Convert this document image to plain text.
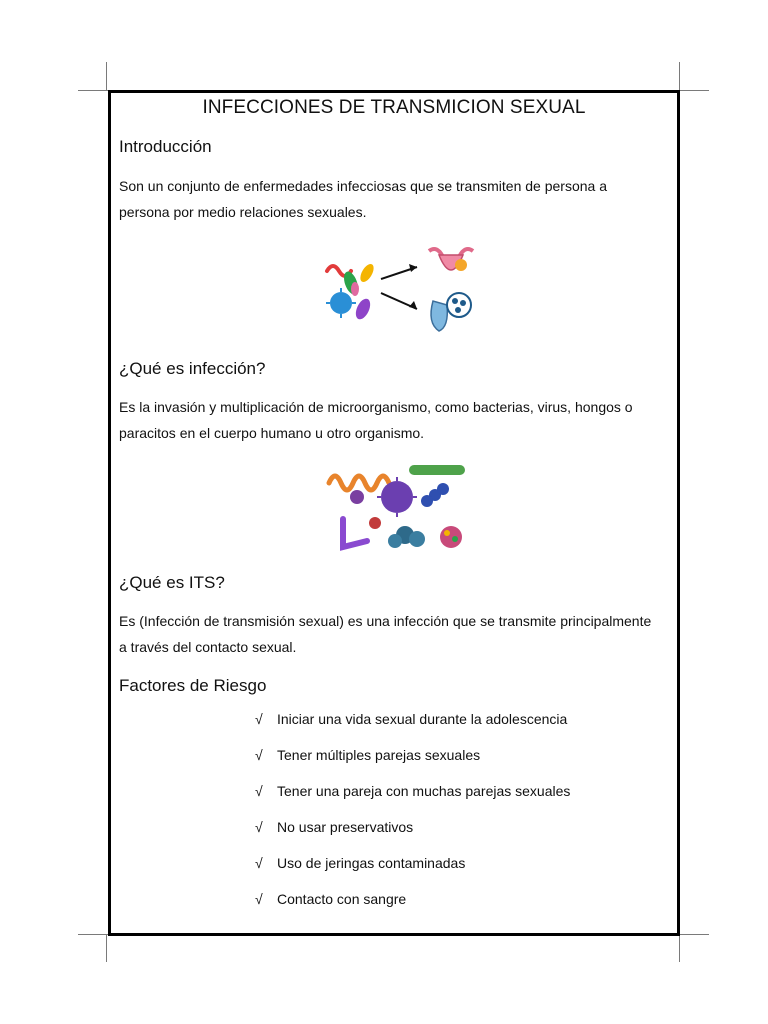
INFECCIONES DE TRANSMICION SEXUAL
Introducción
Son un conjunto de enfermedades infecciosas que se transmiten de persona a persona por medio relaciones sexuales.
¿Qué es infección?
Es la invasión y multiplicación de microorganismo, como bacterias, virus, hongos o paracitos en el cuerpo humano u otro organismo.
¿Qué es ITS?
Es (Infección de transmisión sexual) es una infección que se transmite principalmente a través del contacto sexual.
Factores de Riesgo
√	Iniciar una vida sexual durante la adolescencia
√	Tener múltiples parejas sexuales
√	Tener una pareja con muchas parejas sexuales
√	No usar preservativos
√	Uso de jeringas contaminadas
√	Contacto con sangre
